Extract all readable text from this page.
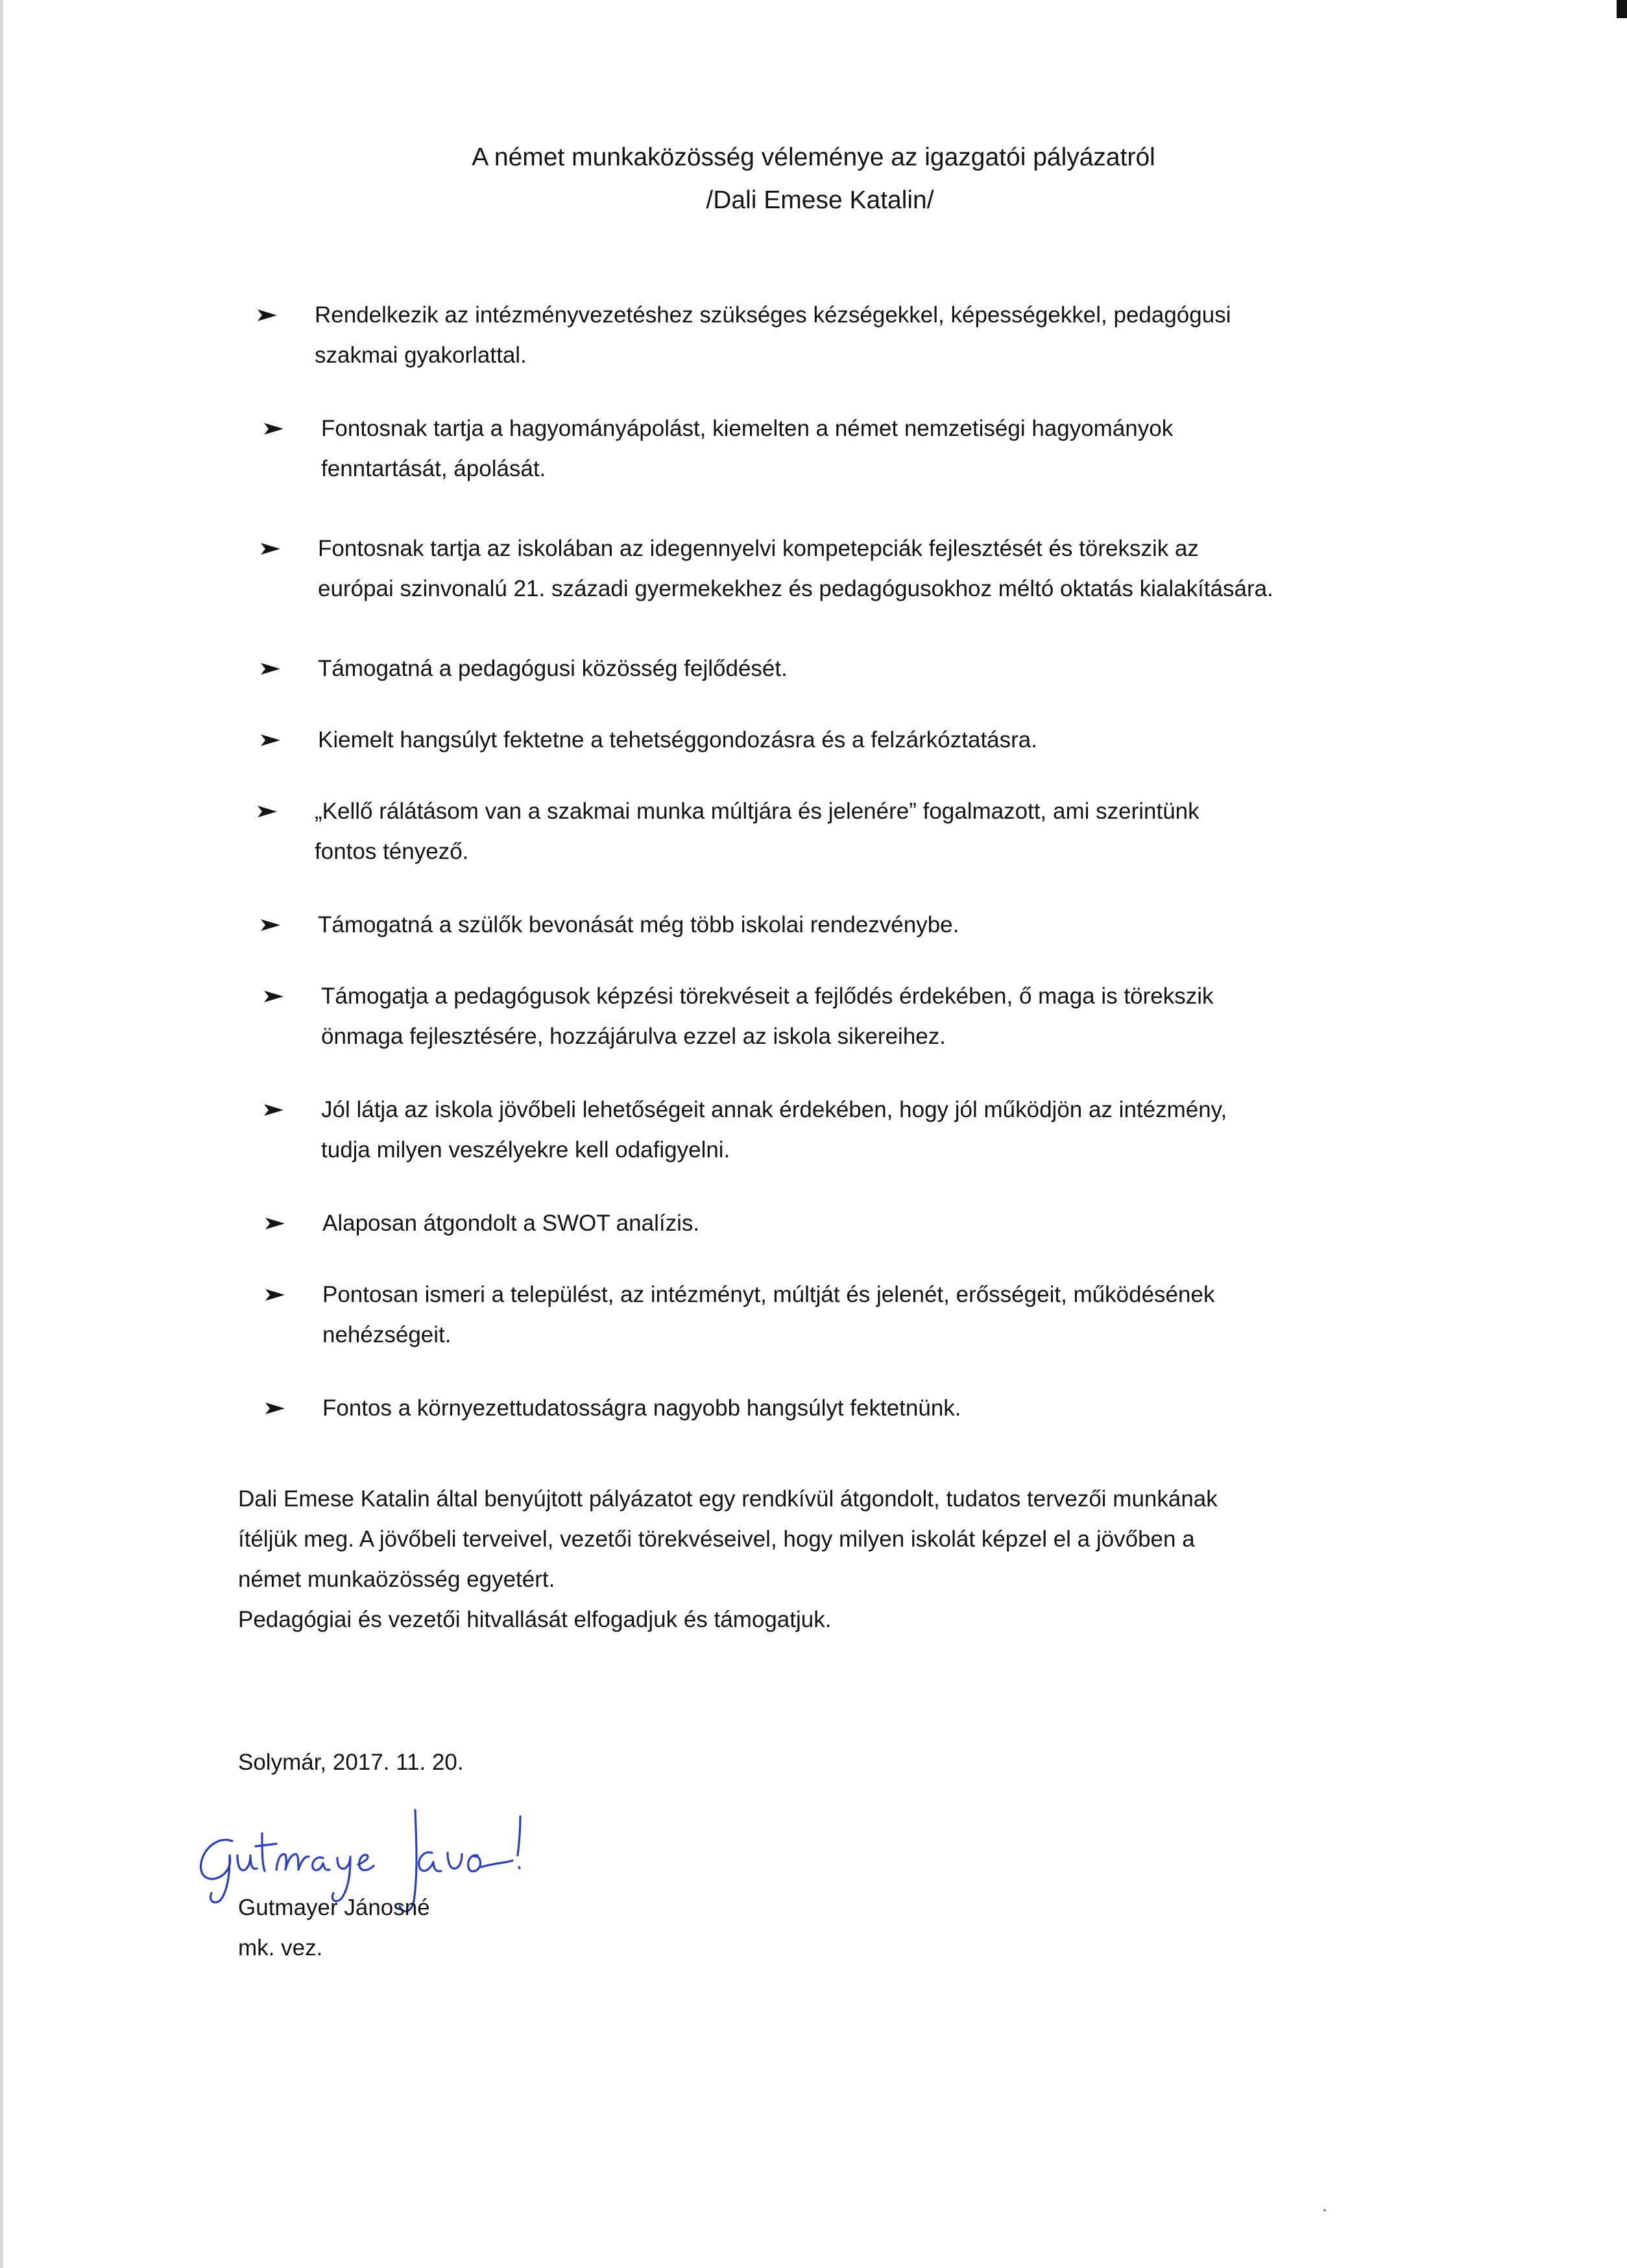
A német munkaközösség véleménye az igazgatói pályázatról
/Dali Emese Katalin/
Rendelkezik az intézményvezetéshez szükséges kézségekkel, képességekkel, pedagógusi
szakmai gyakorlattal.
Fontosnak tartja a hagyományápolást, kiemelten a német nemzetiségi hagyományok
fenntartását, ápolását.
Fontosnak tartja az iskolában az idegennyelvi kompetepciák fejlesztését és törekszik az
európai szinvonalú 21. századi gyermekekhez és pedagógusokhoz méltó oktatás kialakítására.
Támogatná a pedagógusi közösség fejlődését.
Kiemelt hangsúlyt fektetne a tehetséggondozásra és a felzárkóztatásra.
„Kellő rálátásom van a szakmai munka múltjára és jelenére” fogalmazott, ami szerintünk
fontos tényező.
Támogatná a szülők bevonását még több iskolai rendezvénybe.
Támogatja a pedagógusok képzési törekvéseit a fejlődés érdekében, ő maga is törekszik
önmaga fejlesztésére, hozzájárulva ezzel az iskola sikereihez.
Jól látja az iskola jövőbeli lehetőségeit annak érdekében, hogy jól működjön az intézmény,
tudja milyen veszélyekre kell odafigyelni.
Alaposan átgondolt a SWOT analízis.
Pontosan ismeri a települést, az intézményt, múltját és jelenét, erősségeit, működésének
nehézségeit.
Fontos a környezettudatosságra nagyobb hangsúlyt fektetnünk.
Dali Emese Katalin által benyújtott pályázatot egy rendkívül átgondolt, tudatos tervezői munkának
ítéljük meg. A jövőbeli terveivel, vezetői törekvéseivel, hogy milyen iskolát képzel el a jövőben a
német munkaözösség egyetért.
Pedagógiai és vezetői hitvallását elfogadjuk és támogatjuk.
Solymár, 2017. 11. 20.
Gutmayer Jánosné
mk. vez.
